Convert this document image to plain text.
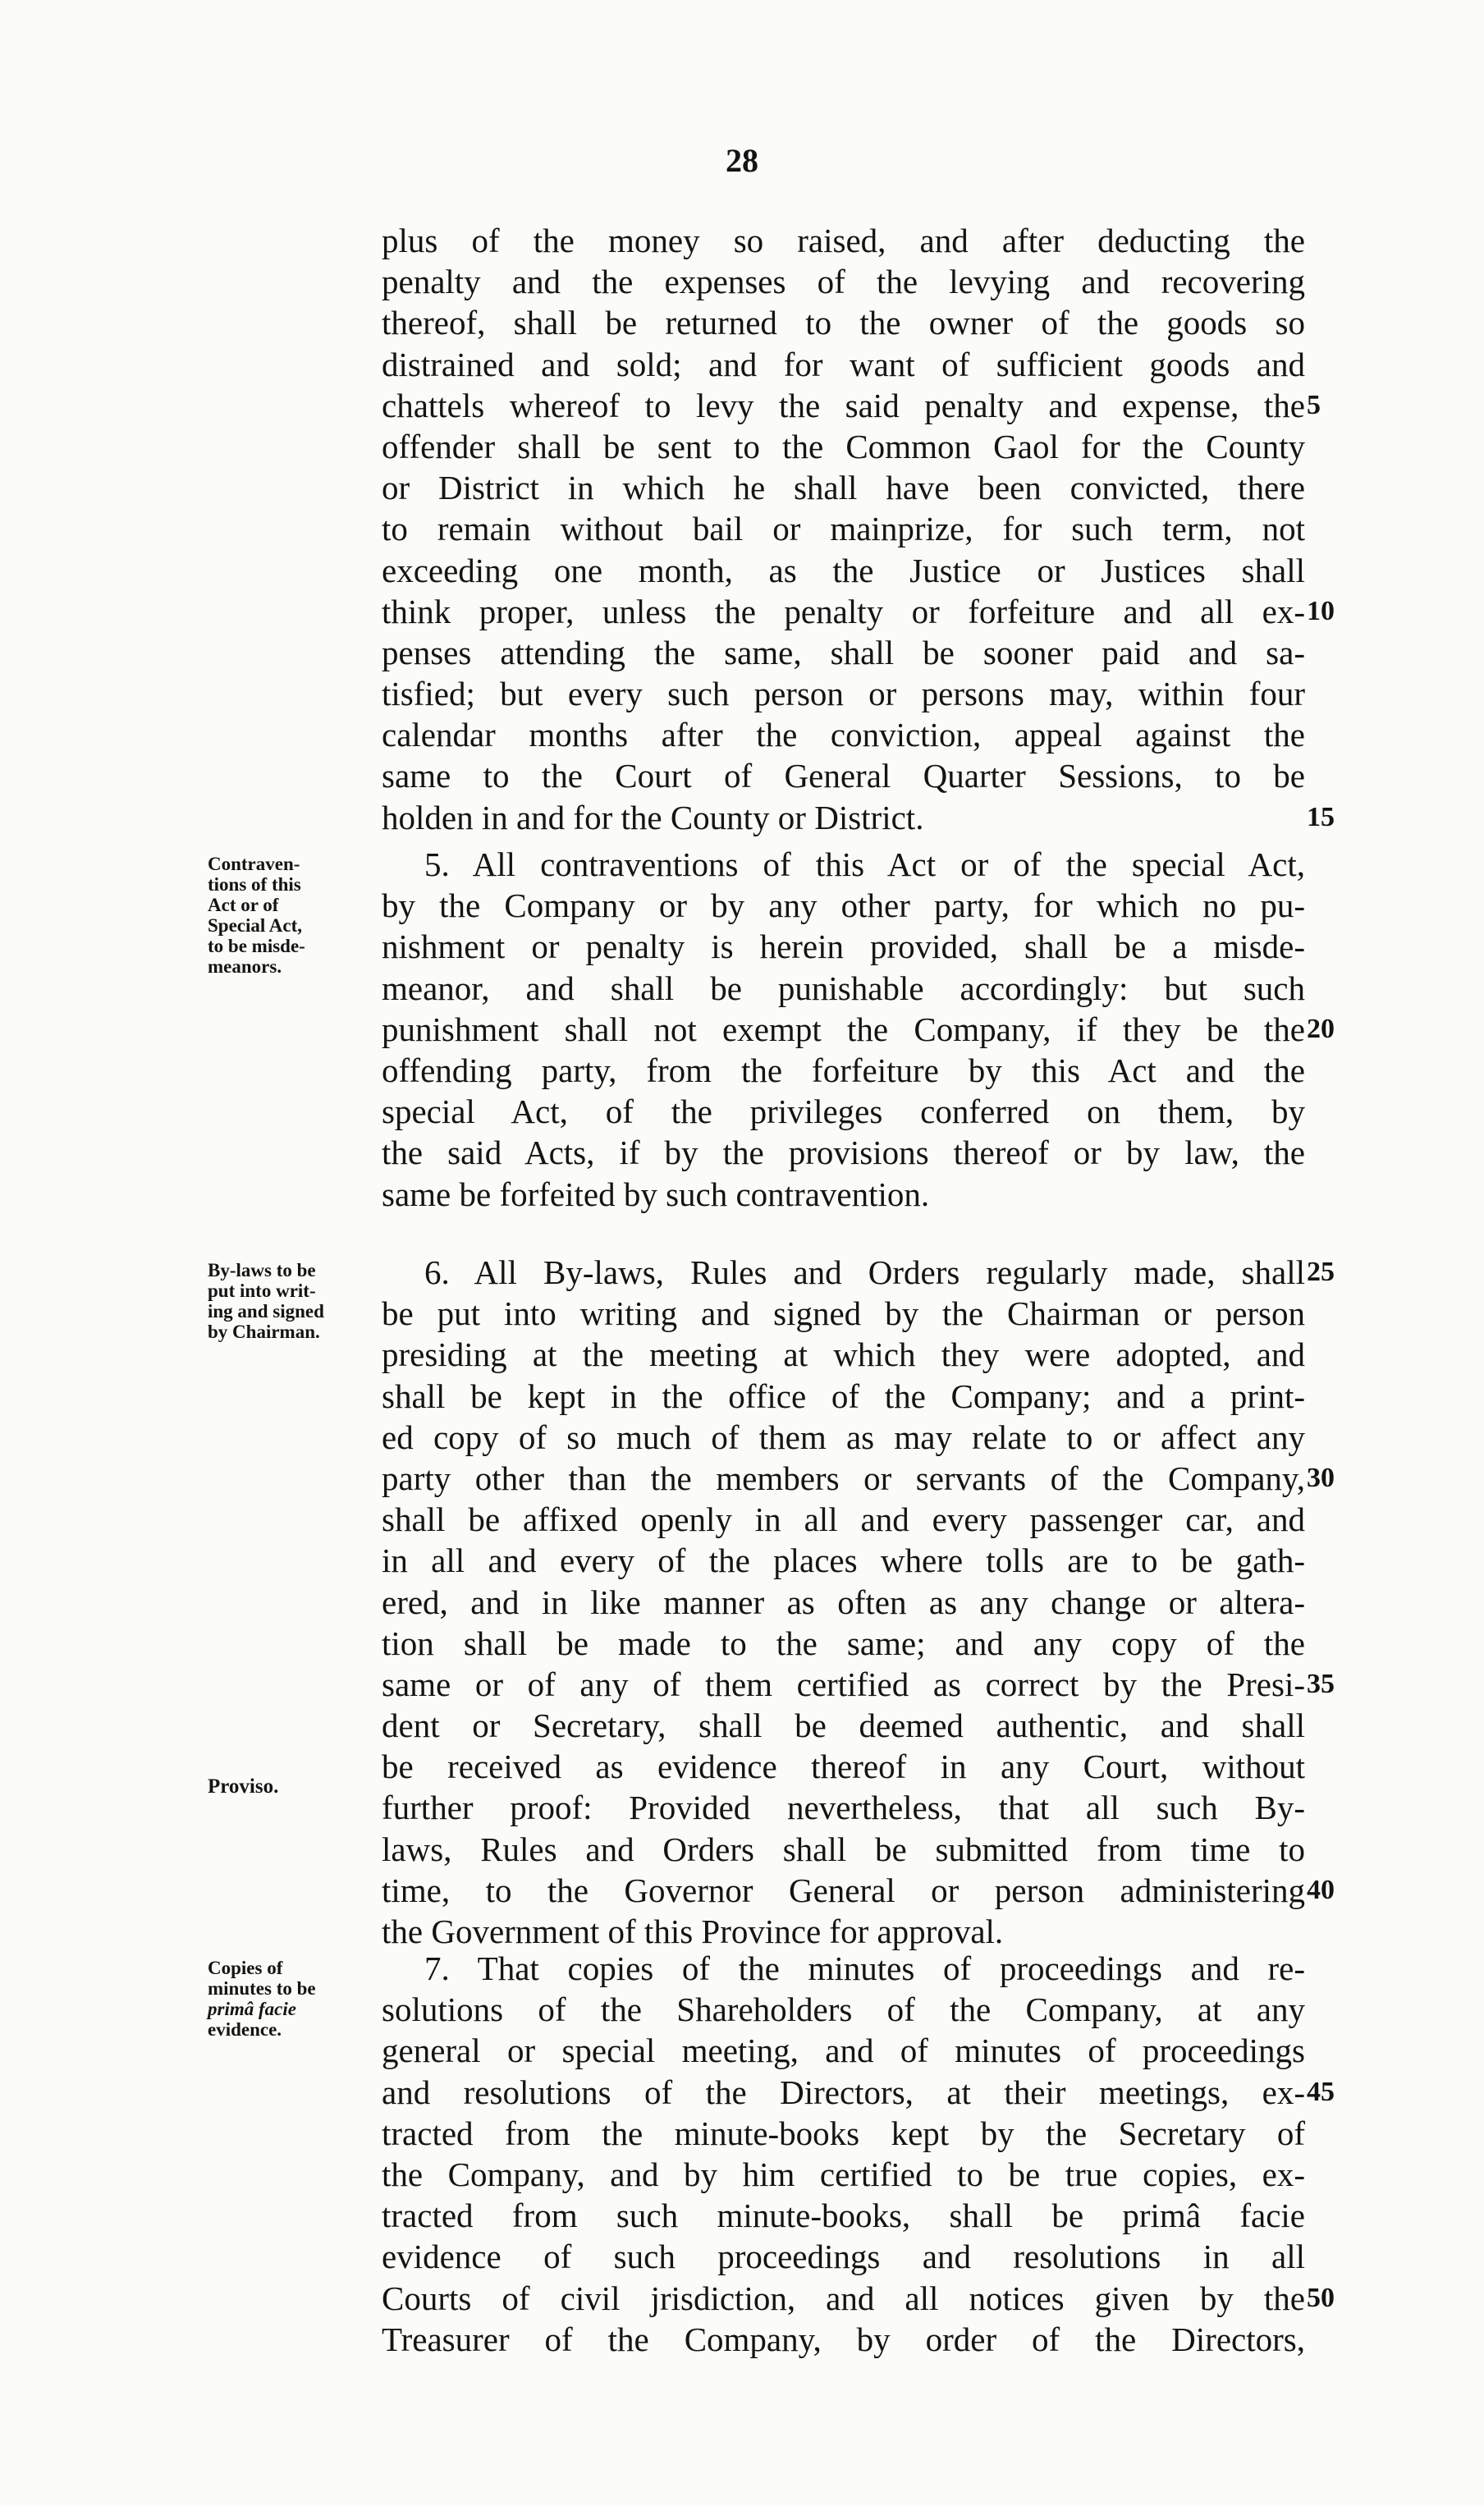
28
plus of the money so raised, and after deducting the
penalty and the expenses of the levying and recovering
thereof, shall be returned to the owner of the goods so
distrained and sold; and for want of sufficient goods and
chattels whereof to levy the said penalty and expense, the
offender shall be sent to the Common Gaol for the County
or District in which he shall have been convicted, there
to remain without bail or mainprize, for such term, not
exceeding one month, as the Justice or Justices shall
think proper, unless the penalty or forfeiture and all ex-
penses attending the same, shall be sooner paid and sa-
tisfied; but every such person or persons may, within four
calendar months after the conviction, appeal against the
same to the Court of General Quarter Sessions, to be
holden in and for the County or District.
5. All contraventions of this Act or of the special Act,
by the Company or by any other party, for which no pu-
nishment or penalty is herein provided, shall be a misde-
meanor, and shall be punishable accordingly: but such
punishment shall not exempt the Company, if they be the
offending party, from the forfeiture by this Act and the
special Act, of the privileges conferred on them, by
the said Acts, if by the provisions thereof or by law, the
same be forfeited by such contravention.
6. All By-laws, Rules and Orders regularly made, shall
be put into writing and signed by the Chairman or person
presiding at the meeting at which they were adopted, and
shall be kept in the office of the Company; and a print-
ed copy of so much of them as may relate to or affect any
party other than the members or servants of the Company,
shall be affixed openly in all and every passenger car, and
in all and every of the places where tolls are to be gath-
ered, and in like manner as often as any change or altera-
tion shall be made to the same; and any copy of the
same or of any of them certified as correct by the Presi-
dent or Secretary, shall be deemed authentic, and shall
be received as evidence thereof in any Court, without
further proof: Provided nevertheless, that all such By-
laws, Rules and Orders shall be submitted from time to
time, to the Governor General or person administering
the Government of this Province for approval.
7. That copies of the minutes of proceedings and re-
solutions of the Shareholders of the Company, at any
general or special meeting, and of minutes of proceedings
and resolutions of the Directors, at their meetings, ex-
tracted from the minute-books kept by the Secretary of
the Company, and by him certified to be true copies, ex-
tracted from such minute-books, shall be primâ facie
evidence of such proceedings and resolutions in all
Courts of civil jrisdiction, and all notices given by the
Treasurer of the Company, by order of the Directors,
5
10
15
20
25
30
35
40
45
50
Contraven-
tions of this
Act or of
Special Act,
to be misde-
meanors.
By-laws to be
put into writ-
ing and signed
by Chairman.
Proviso.
Copies of
minutes to be
primâ facie
evidence.
